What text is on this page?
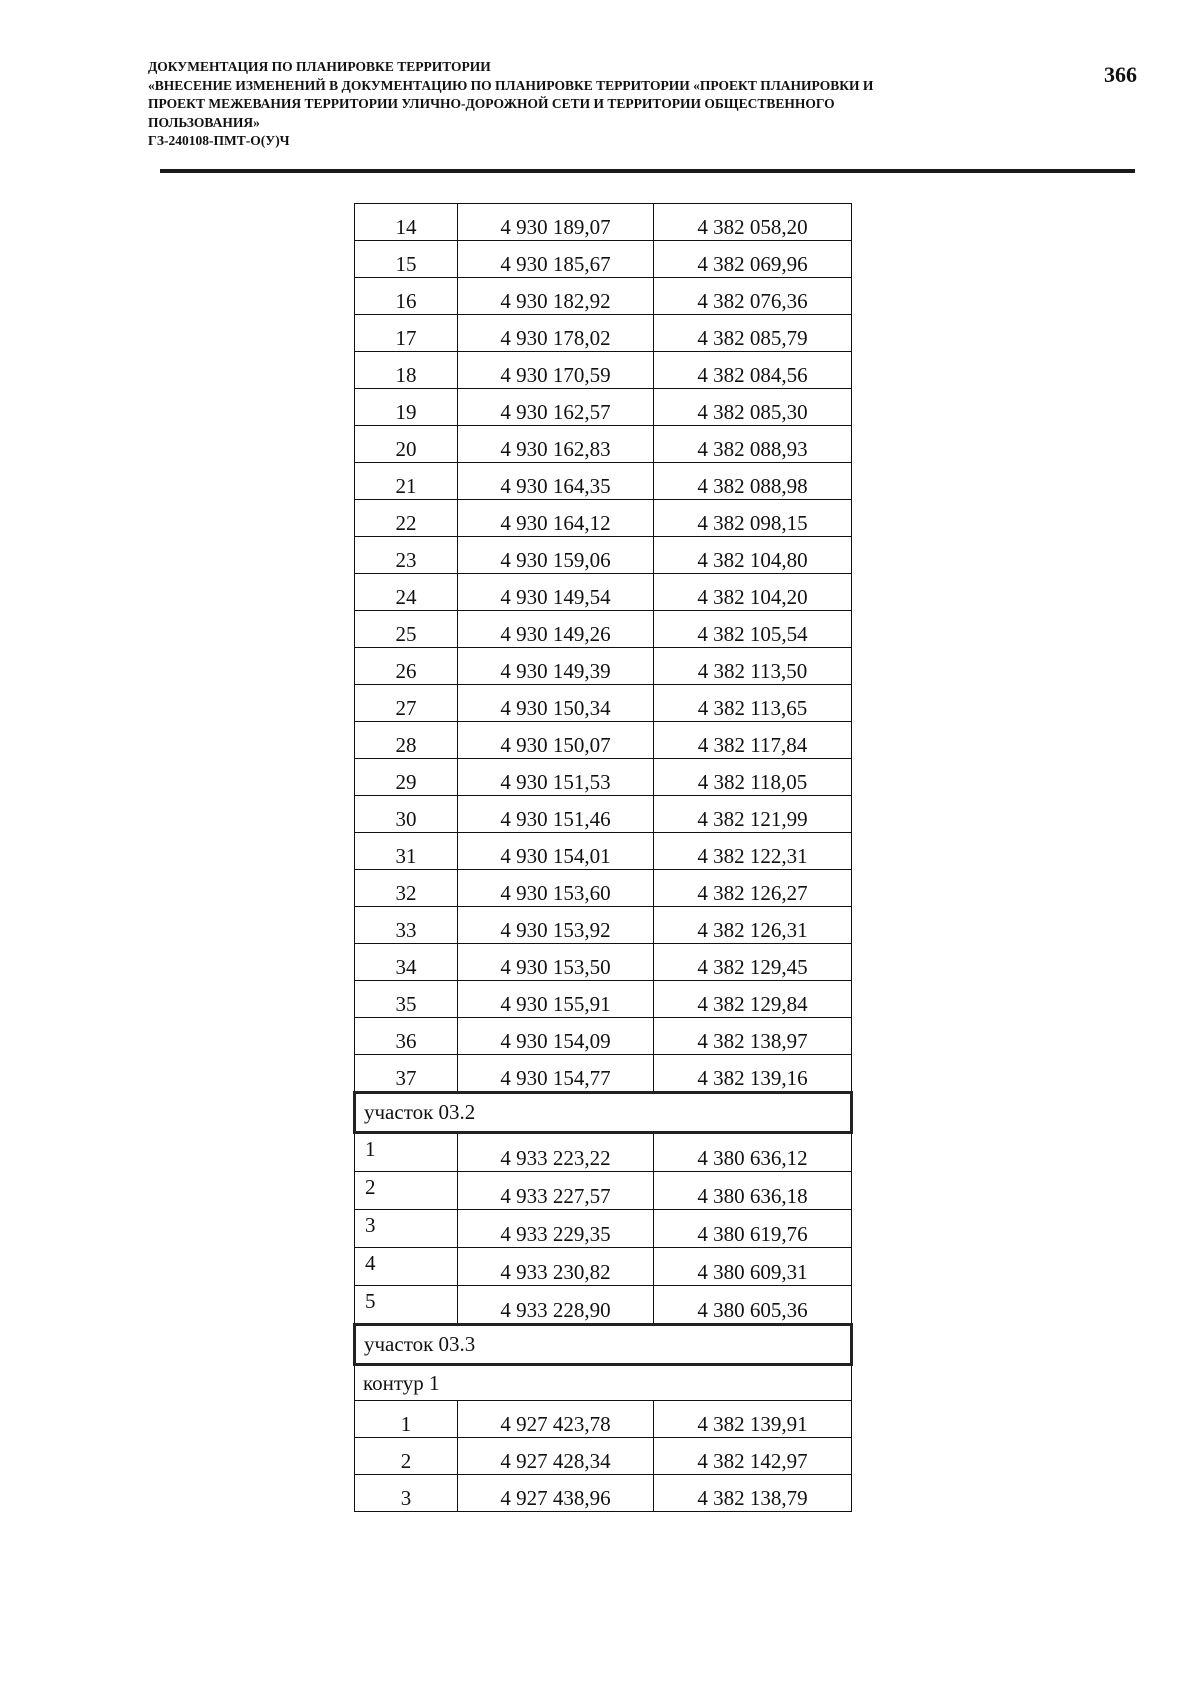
ДОКУМЕНТАЦИЯ ПО ПЛАНИРОВКЕ ТЕРРИТОРИИ
«ВНЕСЕНИЕ ИЗМЕНЕНИЙ В ДОКУМЕНТАЦИЮ ПО ПЛАНИРОВКЕ ТЕРРИТОРИИ «ПРОЕКТ ПЛАНИРОВКИ И
ПРОЕКТ МЕЖЕВАНИЯ ТЕРРИТОРИИ УЛИЧНО-ДОРОЖНОЙ СЕТИ И ТЕРРИТОРИИ ОБЩЕСТВЕННОГО
ПОЛЬЗОВАНИЯ»
ГЗ-240108-ПМТ-О(У)Ч
366
14	4 930 189,07	4 382 058,20
15	4 930 185,67	4 382 069,96
16	4 930 182,92	4 382 076,36
17	4 930 178,02	4 382 085,79
18	4 930 170,59	4 382 084,56
19	4 930 162,57	4 382 085,30
20	4 930 162,83	4 382 088,93
21	4 930 164,35	4 382 088,98
22	4 930 164,12	4 382 098,15
23	4 930 159,06	4 382 104,80
24	4 930 149,54	4 382 104,20
25	4 930 149,26	4 382 105,54
26	4 930 149,39	4 382 113,50
27	4 930 150,34	4 382 113,65
28	4 930 150,07	4 382 117,84
29	4 930 151,53	4 382 118,05
30	4 930 151,46	4 382 121,99
31	4 930 154,01	4 382 122,31
32	4 930 153,60	4 382 126,27
33	4 930 153,92	4 382 126,31
34	4 930 153,50	4 382 129,45
35	4 930 155,91	4 382 129,84
36	4 930 154,09	4 382 138,97
37	4 930 154,77	4 382 139,16
участок 03.2		
1	4 933 223,22	4 380 636,12
2	4 933 227,57	4 380 636,18
3	4 933 229,35	4 380 619,76
4	4 933 230,82	4 380 609,31
5	4 933 228,90	4 380 605,36
участок 03.3		
контур 1		
1	4 927 423,78	4 382 139,91
2	4 927 428,34	4 382 142,97
3	4 927 438,96	4 382 138,79
